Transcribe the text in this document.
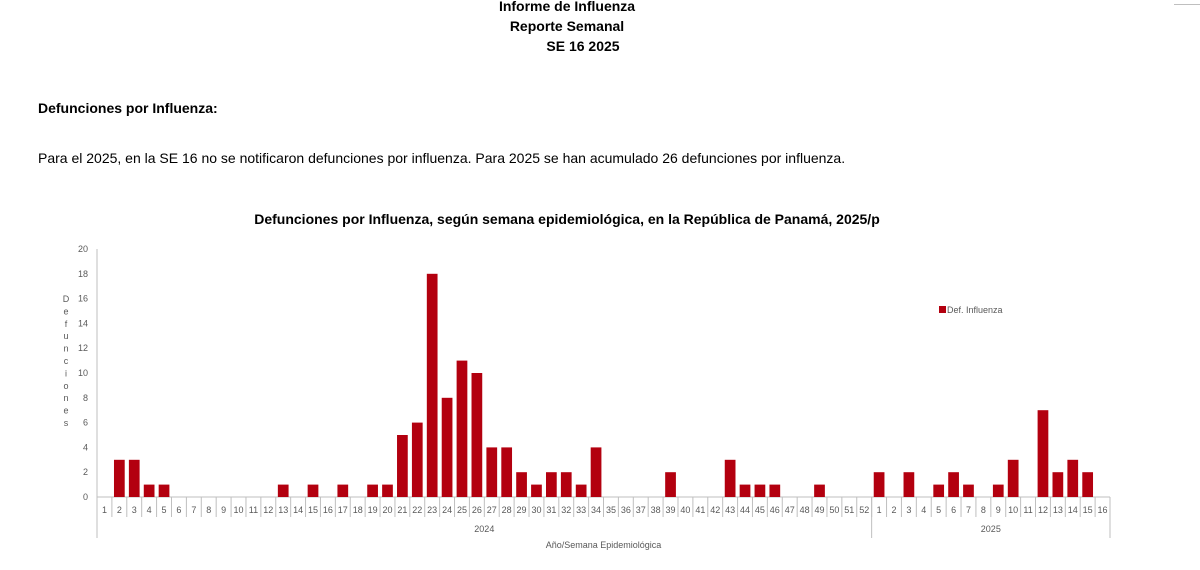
Informe de Influenza
Reporte Semanal
SE 16 2025
Defunciones por Influenza:
Para el 2025, en la SE 16 no se notificaron defunciones por influenza. Para 2025 se han acumulado 26 defunciones por influenza.
Defunciones por Influenza, según semana epidemiológica, en la República de Panamá, 2025/p
0
2
4
6
8
10
12
14
16
18
20
D
e
f
u
n
c
i
o
n
e
s
1 2 3 4 5 6 7 8 9 10 11 12 13 14 15 16 17 18 19 20 21 22 23 24 25 26 27 28 29 30 31 32 33 34 35 36 37 38 39 40 41 42 43 44 45 46 47 48 49 50 51 52 1 2 3 4 5 6 7 8 9 10 11 12 13 14 15 16
2024	2025
Año/Semana Epidemiológica
Def. Influenza
